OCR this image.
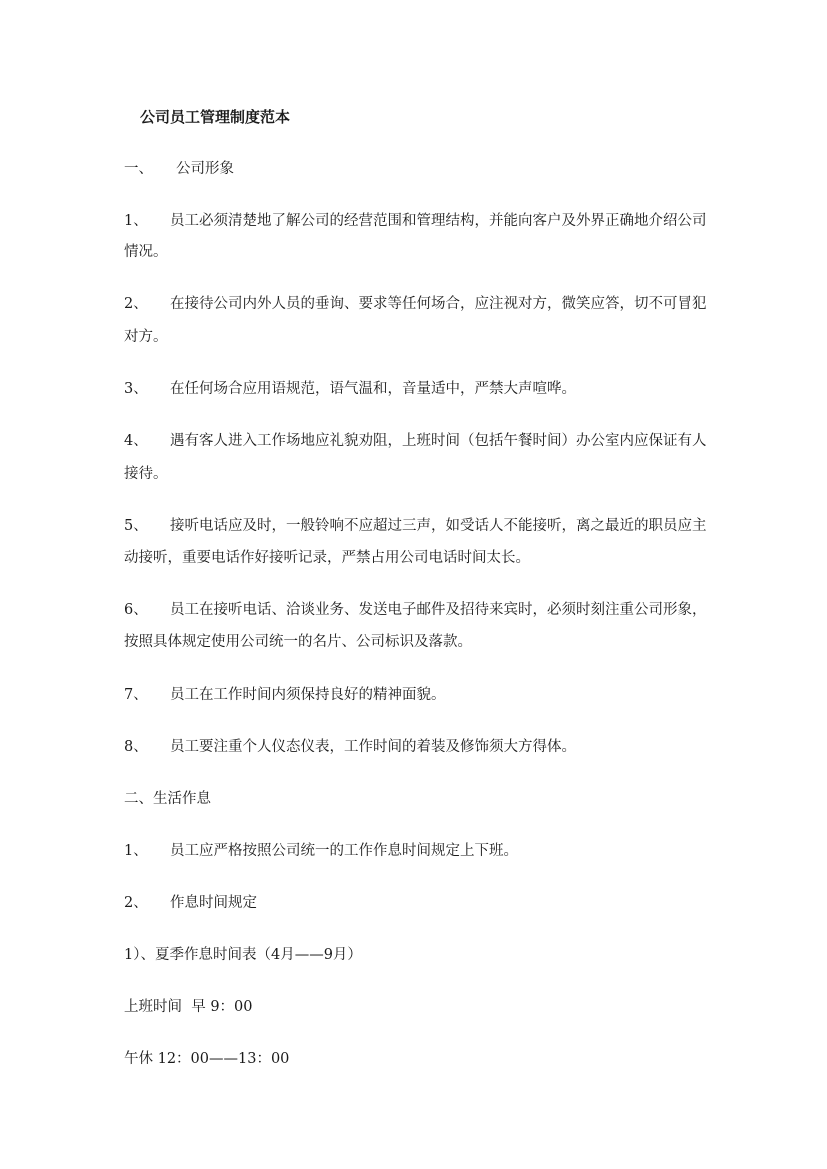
公司员工管理制度范本
一、 公司形象
1、 员工必须清楚地了解公司的经营范围和管理结构，并能向客户及外界正确地介绍公司
情况。
2、 在接待公司内外人员的垂询、要求等任何场合，应注视对方，微笑应答，切不可冒犯
对方。
3、 在任何场合应用语规范，语气温和，音量适中，严禁大声喧哗。
4、 遇有客人进入工作场地应礼貌劝阻，上班时间（包括午餐时间）办公室内应保证有人
接待。
5、 接听电话应及时，一般铃响不应超过三声，如受话人不能接听，离之最近的职员应主
动接听，重要电话作好接听记录，严禁占用公司电话时间太长。
6、 员工在接听电话、洽谈业务、发送电子邮件及招待来宾时，必须时刻注重公司形象，
按照具体规定使用公司统一的名片、公司标识及落款。
7、 员工在工作时间内须保持良好的精神面貌。
8、 员工要注重个人仪态仪表，工作时间的着装及修饰须大方得体。
二、生活作息
1、 员工应严格按照公司统一的工作作息时间规定上下班。
2、 作息时间规定
1）、夏季作息时间表（4月——9月）
上班时间  早 9：00
午休 12：00——13：00
